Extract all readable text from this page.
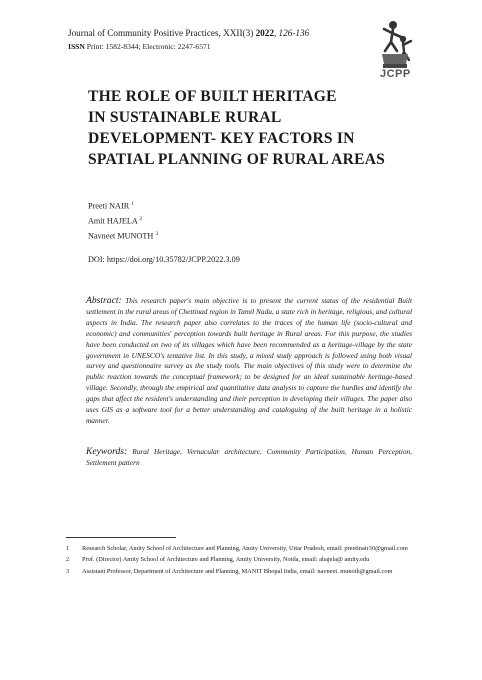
Journal of Community Positive Practices, XXII(3) 2022, 126-136
ISSN Print: 1582-8344; Electronic: 2247-6571
JCPP
THE ROLE OF BUILT HERITAGE
IN SUSTAINABLE RURAL
DEVELOPMENT- KEY FACTORS IN
SPATIAL PLANNING OF RURAL AREAS
Preeti NAIR $^1$
Amit HAJELA $^2$
Navneet MUNOTH $^3$
DOI: https://doi.org/10.35782/JCPP.2022.3.09

Abstract: This research paper's main objective is to present the current status of the residential Built settlement in the rural areas of Chettinad region in Tamil Nadu, a state rich in heritage, religious, and cultural aspects in India. The research paper also correlates to the traces of the human life (socio-cultural and economic) and communities' perception towards built heritage in Rural areas. For this purpose, the studies have been conducted on two of its villages which have been recommended as a heritage-village by the state government in UNESCO's tentative list. In this study, a mixed study approach is followed using both visual survey and questionnaire survey as the study tools. The main objectives of this study were to determine the public reaction towards the conceptual framework; to be designed for an ideal sustainable heritage-based village. Secondly, through the empirical and quantitative data analysis to capture the hurdles and identify the gaps that affect the resident's understanding and their perception in developing their villages. The paper also uses GIS as a software tool for a better understanding and cataloguing of the built heritage in a holistic manner.

Keywords: Rural Heritage, Vernacular architecture, Community Participation, Human Perception, Settlement pattern

1 Research Scholar, Amity School of Architecture and Planning, Amity University, Uttar Pradesh, email: preetinair30@gmail.com
2 Prof. (Director) Amity School of Architecture and Planning, Amity University, Noida, email: ahajela@ amity.edu
3 Assistant Professor, Department of Architecture and Planning, MANIT Bhopal India, email: navneet. munoth@gmail.com
